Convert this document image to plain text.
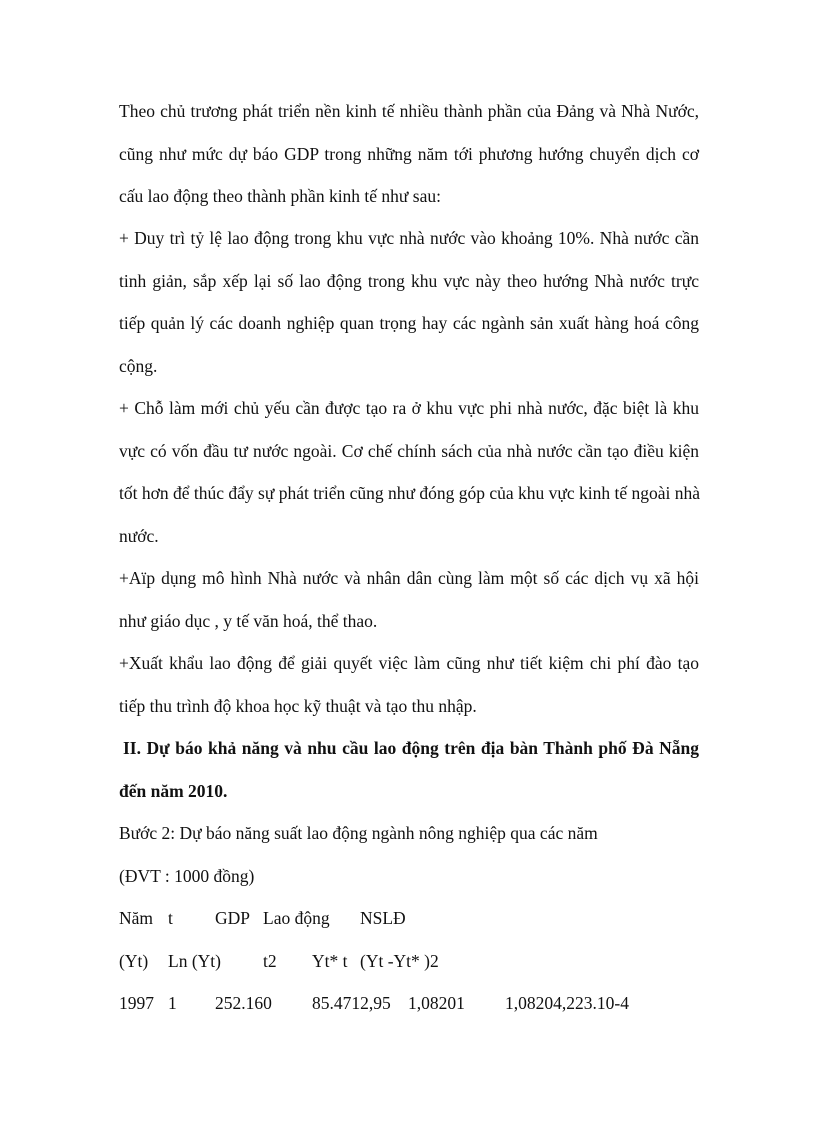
Theo chủ trương phát triển nền kinh tế nhiều thành phần của Đảng và Nhà Nước,
cũng như mức dự báo GDP trong những năm tới phương hướng chuyển dịch cơ
cấu lao động theo thành phần kinh tế như sau:
+ Duy trì tỷ lệ lao động trong khu vực nhà nước vào khoảng 10%. Nhà nước cần
tinh giản, sắp xếp lại số lao động trong khu vực này theo hướng Nhà nước trực
tiếp quản lý các doanh nghiệp quan trọng hay các ngành sản xuất hàng hoá công
cộng.
+ Chỗ làm mới chủ yếu cần được tạo ra ở khu vực phi nhà nước, đặc biệt là khu
vực có vốn đầu tư nước ngoài. Cơ chế chính sách của nhà nước cần tạo điều kiện
tốt hơn để thúc đẩy sự phát triển cũng như đóng góp của khu vực kinh tế ngoài nhà
nước.
+Aïp dụng mô hình Nhà nước và nhân dân cùng làm một số các dịch vụ xã hội
như giáo dục , y tế văn hoá, thể thao.
+Xuất khẩu lao động để giải quyết việc làm cũng như tiết kiệm chi phí đào tạo
tiếp thu trình độ khoa học kỹ thuật và tạo thu nhập.
II. Dự báo khả năng và nhu cầu lao động trên địa bàn Thành phố Đà Nẵng
đến năm 2010.
Bước 2: Dự báo năng suất lao động ngành nông nghiệp qua các năm
(ĐVT : 1000 đồng)
Năm t GDP Lao động NSLĐ
(Yt) Ln (Yt) t2 Yt* t (Yt -Yt* )2
1997 1 252.160 85.4712,95 1,08201 1,08204,223.10-4
